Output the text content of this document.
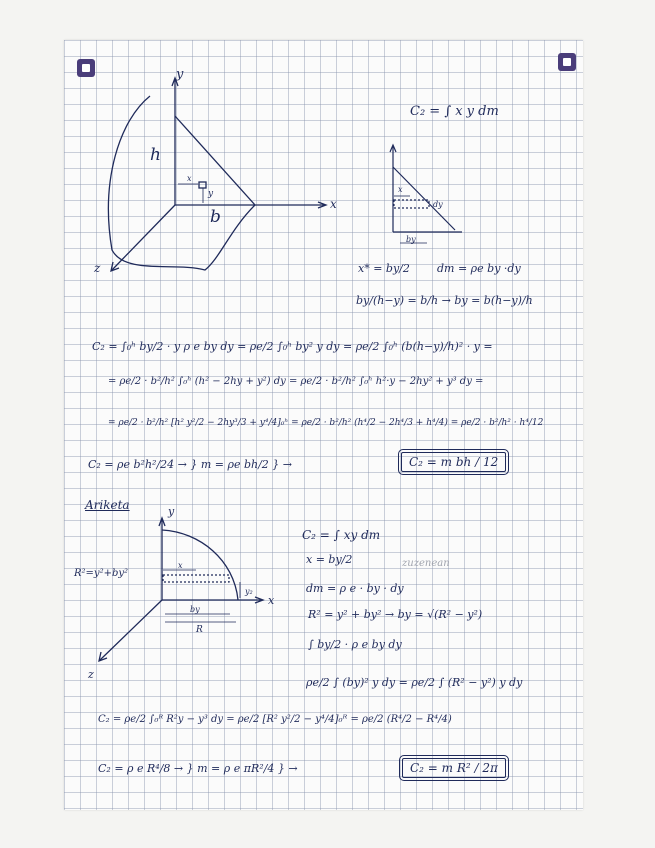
y
x
z
h
b
x
y	x
dy
by
C₂ = ∫ x y dm
x* = by/2 dm = ρe by ·dy
by/(h−y) = b/h → by = b(h−y)/h
C₂ = ∫₀ʰ by/2 · y ρ e by dy = ρe/2 ∫₀ʰ by² y dy = ρe/2 ∫₀ʰ (b(h−y)/h)² · y =
= ρe/2 · b²/h² ∫₀ʰ (h² − 2hy + y²) dy = ρe/2 · b²/h² ∫₀ʰ h²·y − 2hy² + y³ dy =
= ρe/2 · b²/h² [h² y²/2 − 2hy³/3 + y⁴/4]₀ʰ = ρe/2 · b²/h² (h⁴/2 − 2h⁴/3 + h⁴/4) = ρe/2 · b²/h² · h⁴/12
C₂ = ρe b²h²/24 → } m = ρe bh/2 } →	C₂ = m bh / 12
Ariketa	y
x
z
R²=y²+by²
x
by
R
y₂
C₂ = ∫ xy dm
x = by/2	zuzenean
dm = ρ e · by · dy
R² = y² + by² → by = √(R² − y²)
∫ by/2 · ρ e by dy
ρe/2 ∫ (by)² y dy = ρe/2 ∫ (R² − y²) y dy
C₂ = ρe/2 ∫₀ᴿ R²y − y³ dy = ρe/2 [R² y²/2 − y⁴/4]₀ᴿ = ρe/2 (R⁴/2 − R⁴/4)
C₂ = ρ e R⁴/8 → } m = ρ e πR²/4 } →	C₂ = m R² / 2π
